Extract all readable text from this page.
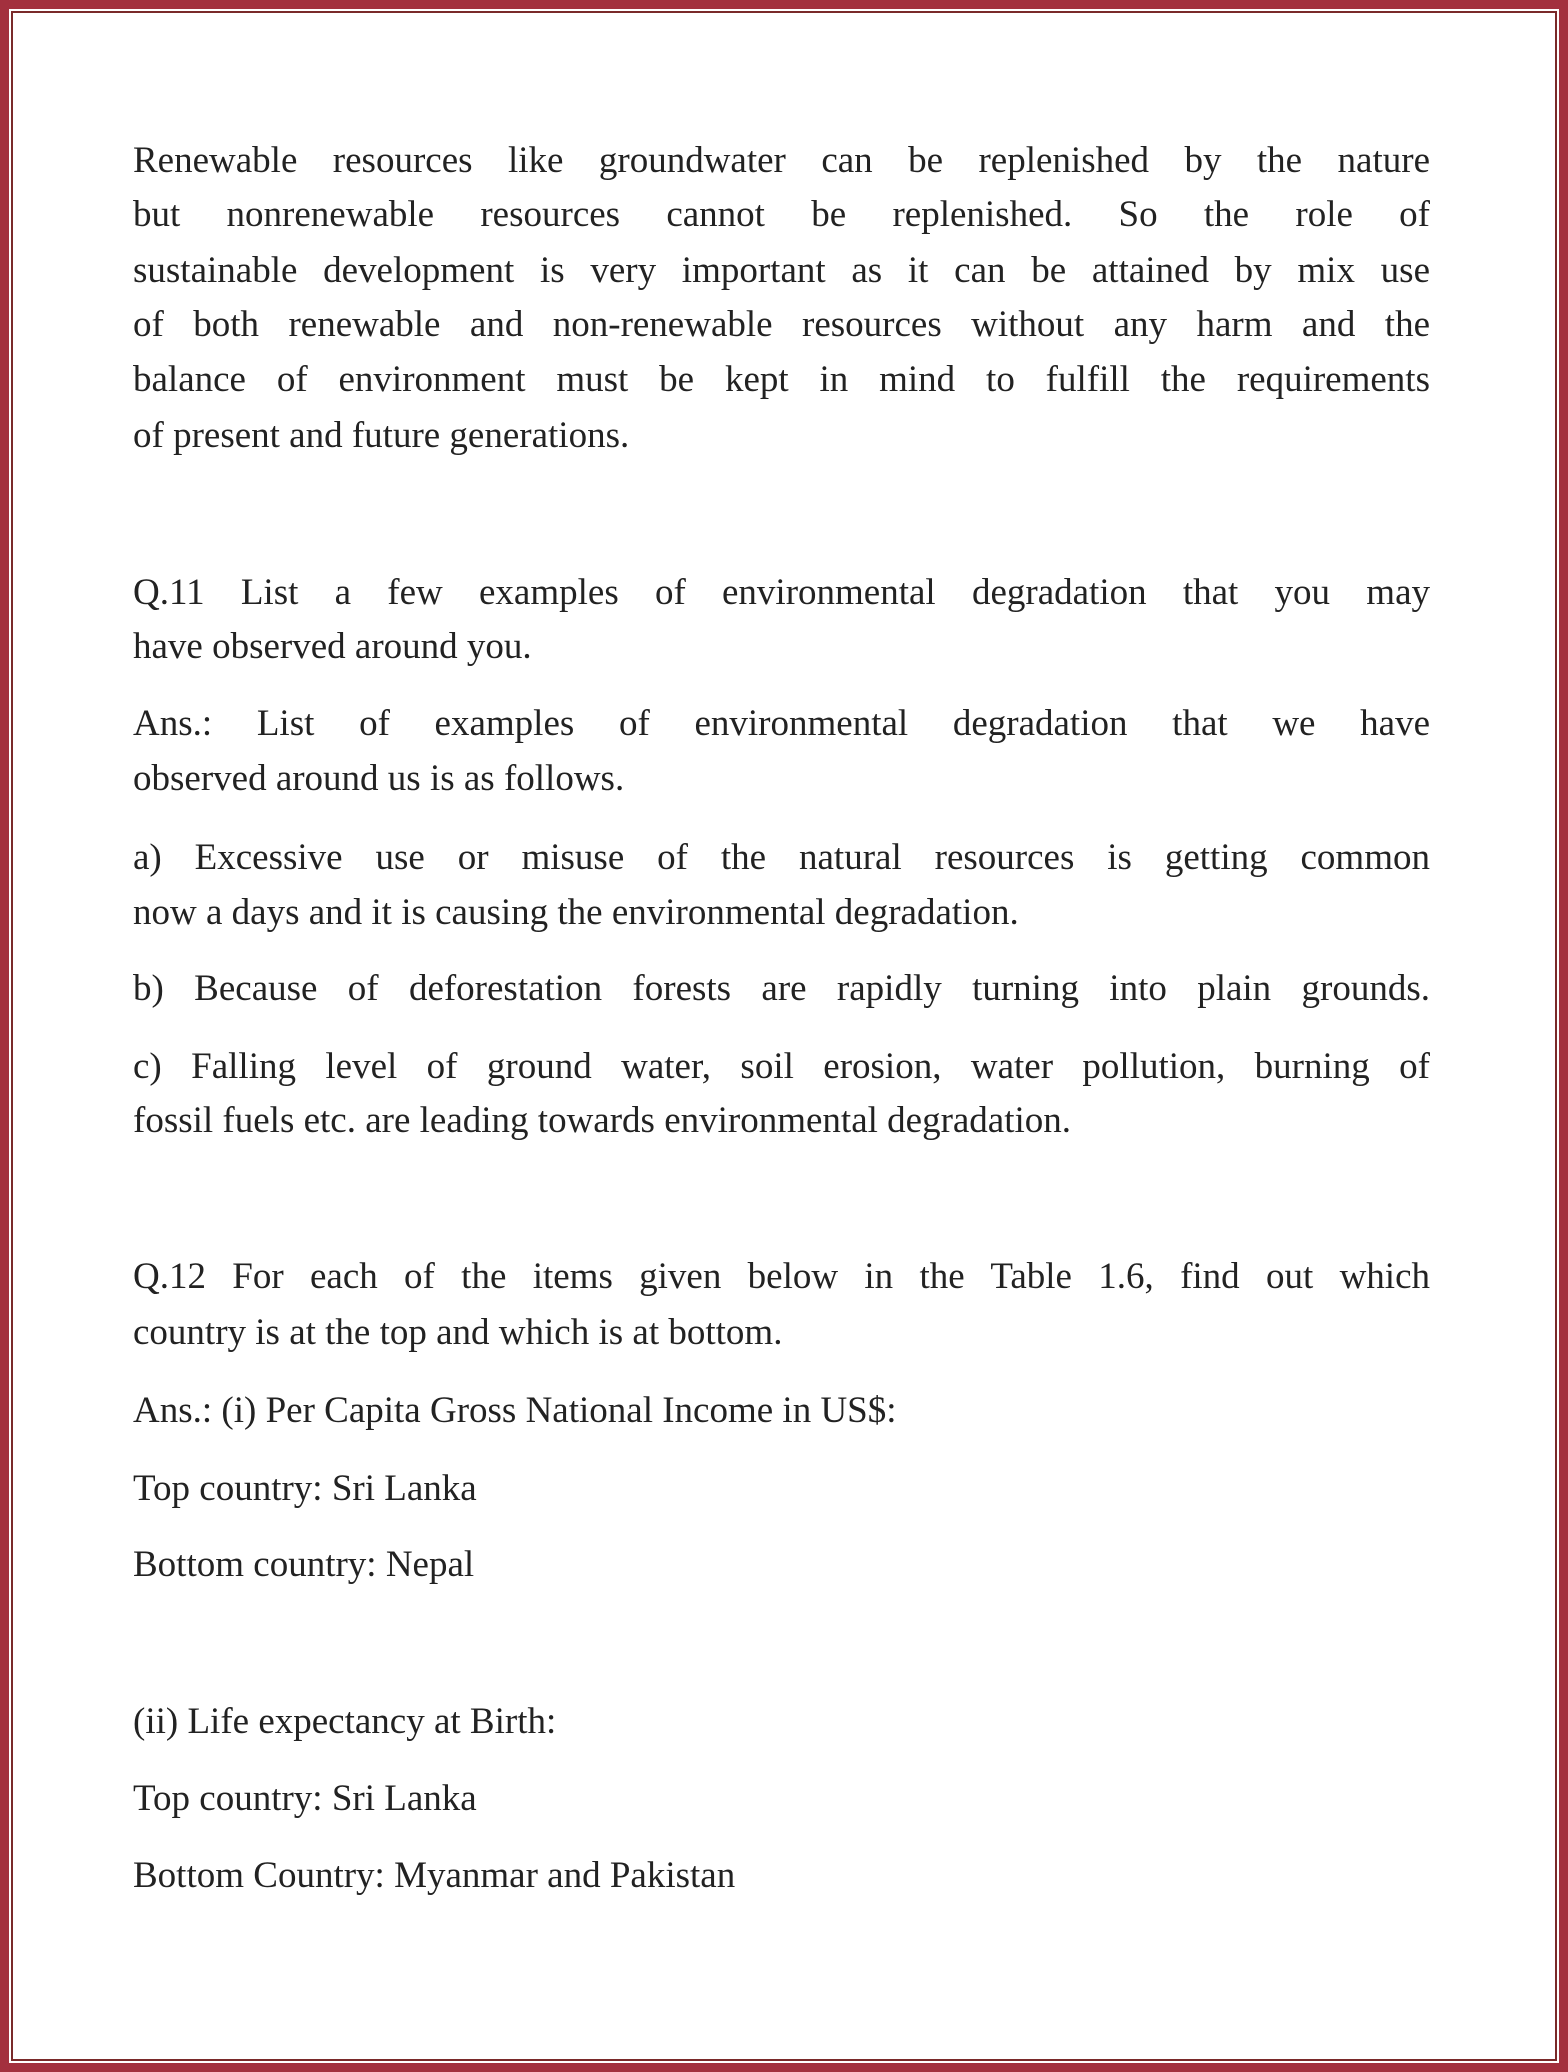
Renewable resources like groundwater can be replenished by the nature
but nonrenewable resources cannot be replenished. So the role of
sustainable development is very important as it can be attained by mix use
of both renewable and non-renewable resources without any harm and the
balance of environment must be kept in mind to fulfill the requirements
of present and future generations.
Q.11 List a few examples of environmental degradation that you may
have observed around you.
Ans.: List of examples of environmental degradation that we have
observed around us is as follows.
a) Excessive use or misuse of the natural resources is getting common
now a days and it is causing the environmental degradation.
b) Because of deforestation forests are rapidly turning into plain grounds.
c) Falling level of ground water, soil erosion, water pollution, burning of
fossil fuels etc. are leading towards environmental degradation.
Q.12 For each of the items given below in the Table 1.6, find out which
country is at the top and which is at bottom.
Ans.: (i) Per Capita Gross National Income in US$:
Top country: Sri Lanka
Bottom country: Nepal
(ii) Life expectancy at Birth:
Top country: Sri Lanka
Bottom Country: Myanmar and Pakistan
